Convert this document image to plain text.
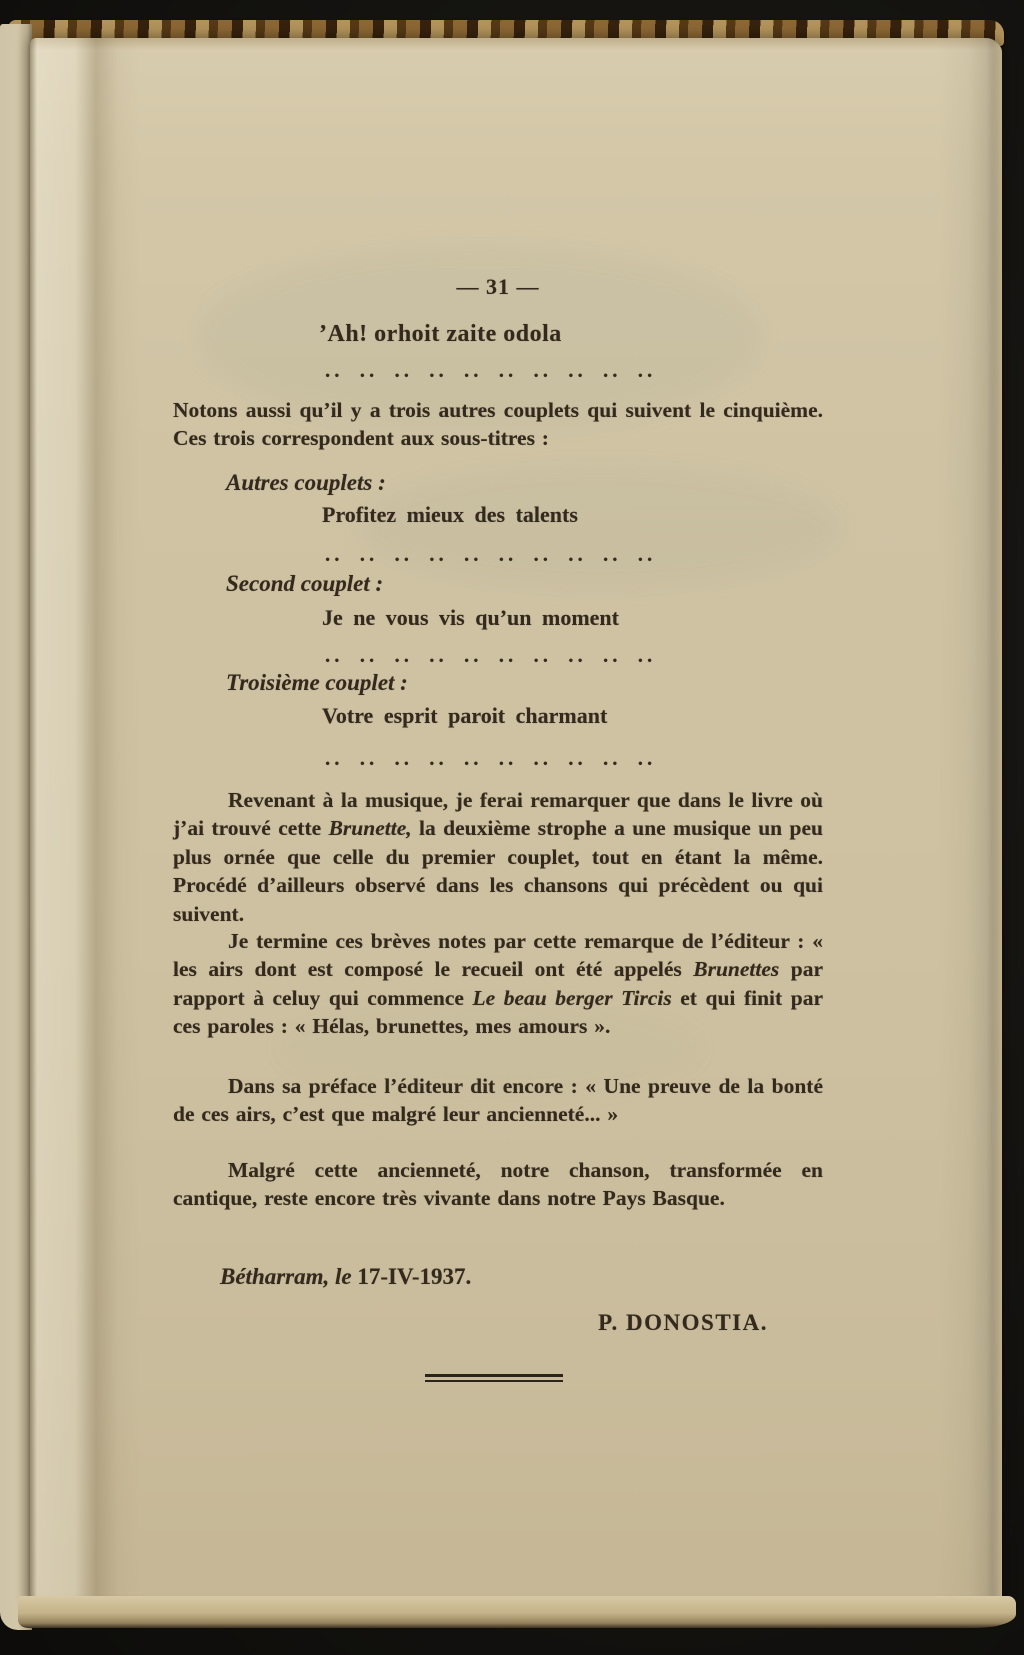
— 31 —
’Ah! orhoit zaite odola
.. .. .. .. .. .. .. .. .. ..
Notons aussi qu’il y a trois autres couplets qui suivent le cinquième. Ces trois correspondent aux sous-titres :
Autres couplets :
Profitez mieux des talents
.. .. .. .. .. .. .. .. .. ..
Second couplet :
Je ne vous vis qu’un moment
.. .. .. .. .. .. .. .. .. ..
Troisième couplet :
Votre esprit paroit charmant
.. .. .. .. .. .. .. .. .. ..
Revenant à la musique, je ferai remarquer que dans le livre où j’ai trouvé cette Brunette, la deuxième strophe a une musique un peu plus ornée que celle du premier couplet, tout en étant la même. Procédé d’ailleurs observé dans les chansons qui précèdent ou qui suivent.
Je termine ces brèves notes par cette remarque de l’éditeur : « les airs dont est composé le recueil ont été appelés Brunettes par rapport à celuy qui commence Le beau berger Tircis et qui finit par ces paroles : « Hélas, brunettes, mes amours ».
Dans sa préface l’éditeur dit encore : « Une preuve de la bonté de ces airs, c’est que malgré leur ancienneté... »
Malgré cette ancienneté, notre chanson, transformée en cantique, reste encore très vivante dans notre Pays Basque.
Bétharram, le 17-IV-1937.
P. DONOSTIA.
